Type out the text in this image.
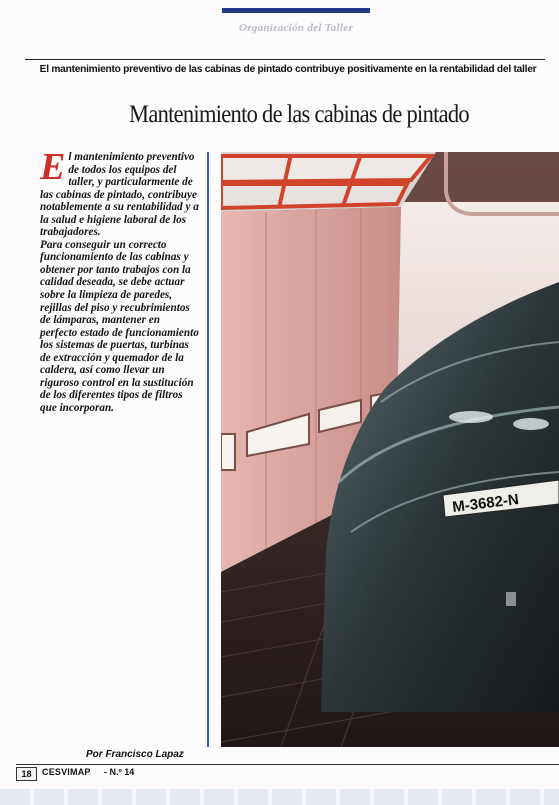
Organización del Taller
El mantenimiento preventivo de las cabinas de pintado contribuye positivamente en la rentabilidad del taller
Mantenimiento de las cabinas de pintado
E l mantenimiento preventivo de todos los equipos del taller, y particularmente de las cabinas de pintado, contribuye notablemente a su rentabilidad y a la salud e higiene laboral de los trabajadores.

Para conseguir un correcto funcionamiento de las cabinas y obtener por tanto trabajos con la calidad deseada, se debe actuar sobre la limpieza de paredes, rejillas del piso y recubrimientos de lámparas, mantener en perfecto estado de funcionamiento los sistemas de puertas, turbinas de extracción y quemador de la caldera, así como llevar un riguroso control en la sustitución de los diferentes tipos de filtros que incorporan.

M-3682-N
Por Francisco Lapaz
18	CESVIMAP - N.º 14
